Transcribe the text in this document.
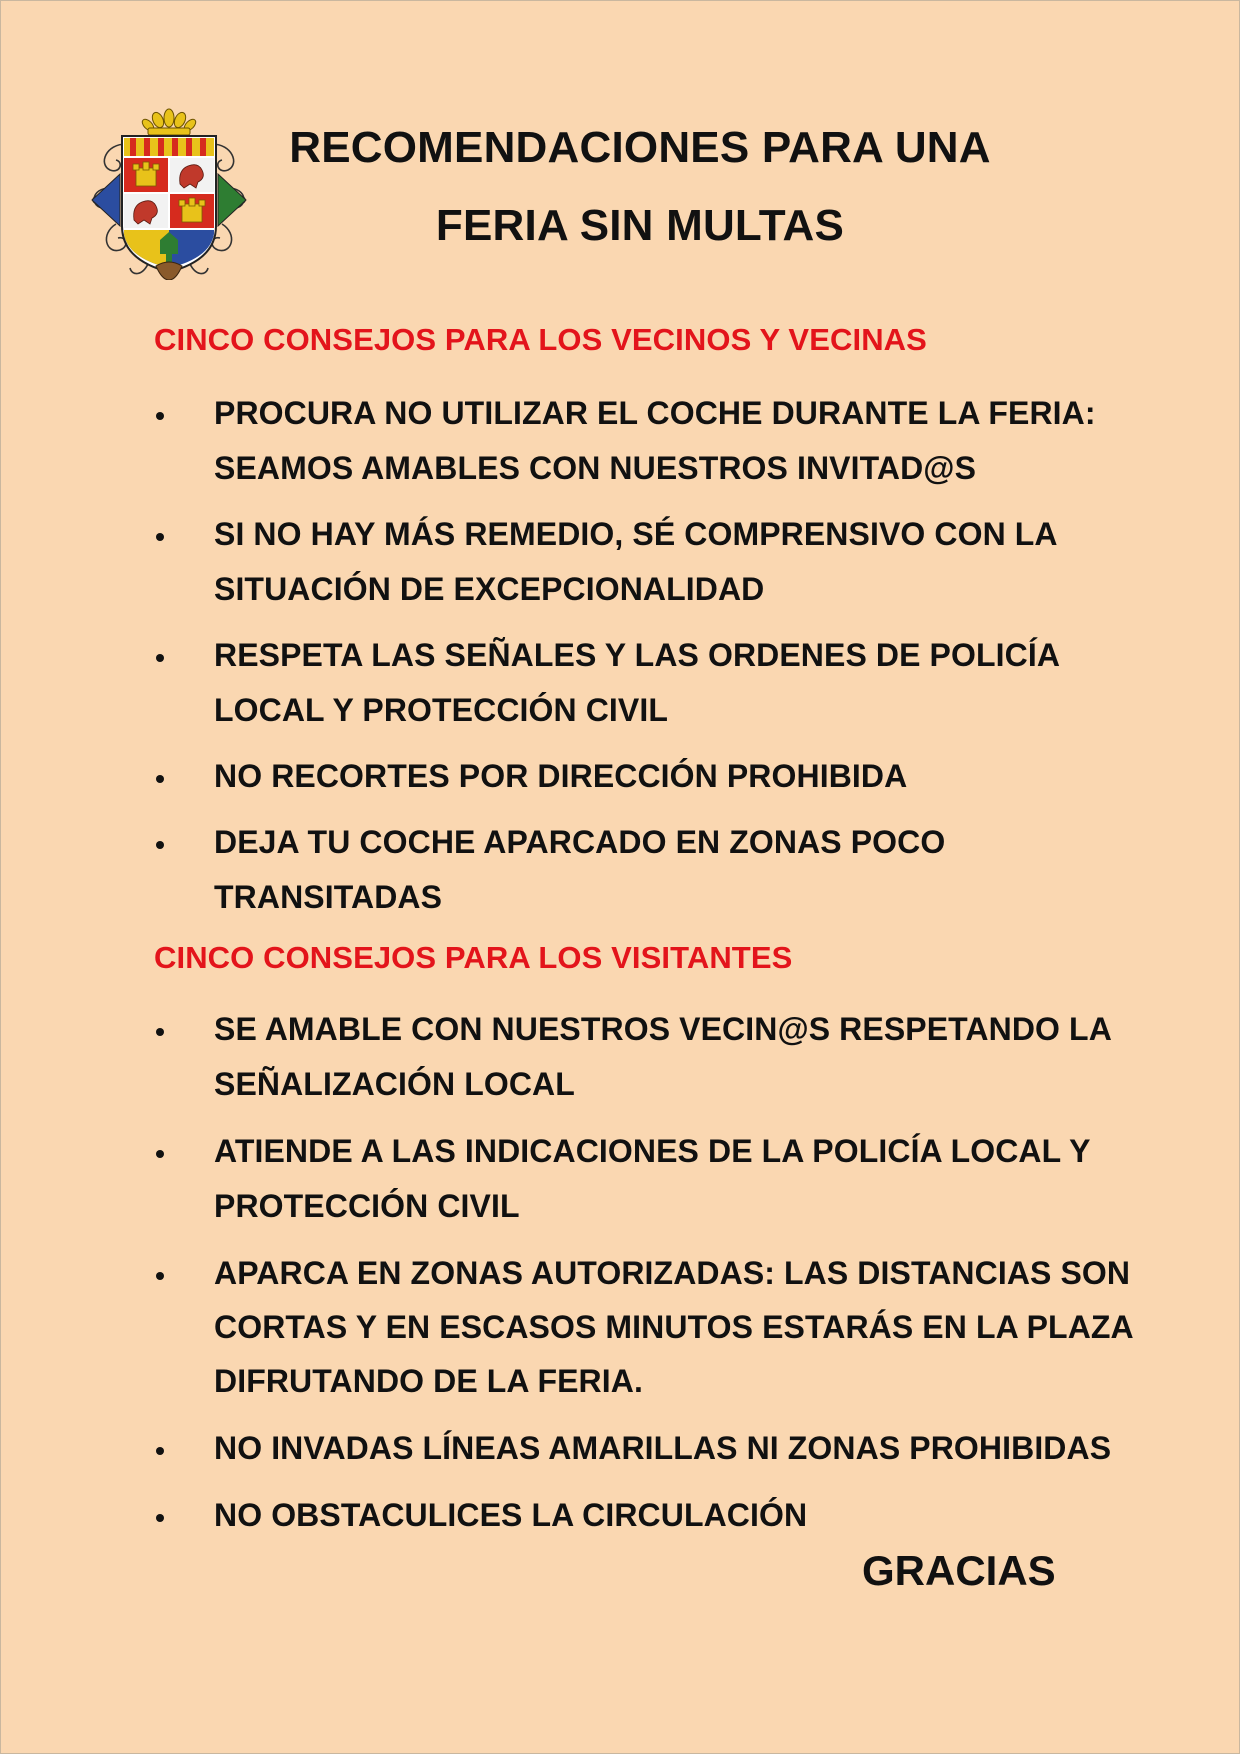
RECOMENDACIONES PARA UNA
FERIA SIN MULTAS
CINCO CONSEJOS PARA LOS VECINOS Y VECINAS
PROCURA NO UTILIZAR EL COCHE DURANTE LA FERIA: SEAMOS AMABLES CON NUESTROS INVITAD@S
SI NO HAY MÁS REMEDIO, SÉ COMPRENSIVO CON LA SITUACIÓN DE EXCEPCIONALIDAD
RESPETA LAS SEÑALES Y LAS ORDENES DE POLICÍA LOCAL Y PROTECCIÓN CIVIL
NO RECORTES POR DIRECCIÓN PROHIBIDA
DEJA TU COCHE APARCADO EN ZONAS POCO TRANSITADAS
CINCO CONSEJOS PARA LOS VISITANTES
SE AMABLE CON NUESTROS VECIN@S RESPETANDO LA SEÑALIZACIÓN LOCAL
ATIENDE A LAS INDICACIONES DE LA POLICÍA LOCAL Y PROTECCIÓN CIVIL
APARCA EN ZONAS AUTORIZADAS: LAS DISTANCIAS SON CORTAS Y EN ESCASOS MINUTOS ESTARÁS EN LA PLAZA DIFRUTANDO DE LA FERIA.
NO INVADAS LÍNEAS AMARILLAS NI ZONAS PROHIBIDAS
NO OBSTACULICES LA CIRCULACIÓN
GRACIAS
